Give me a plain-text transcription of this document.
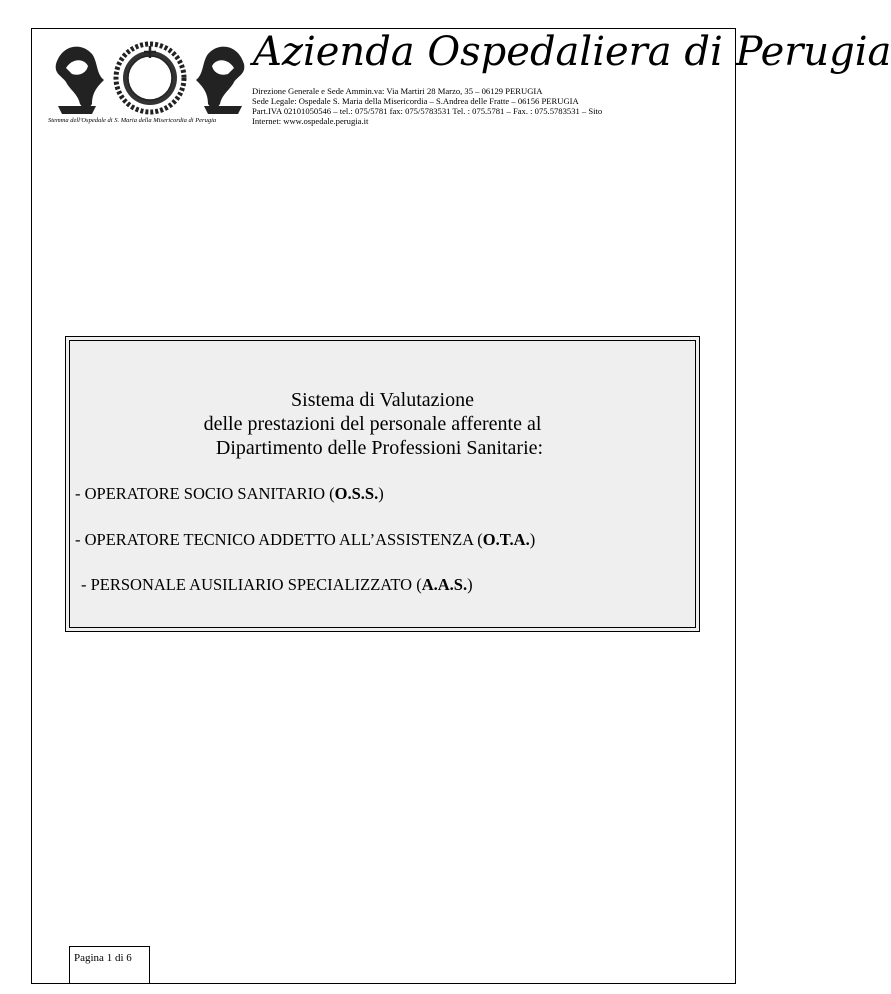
Stemma dell'Ospedale di S. Maria della Misericordia di Perugia
Azienda Ospedaliera di Perugia
Direzione Generale e Sede Ammin.va: Via Martiri 28 Marzo, 35 – 06129 PERUGIA
Sede Legale: Ospedale S. Maria della Misericordia – S.Andrea delle Fratte – 06156 PERUGIA
Part.IVA 02101050546 – tel.: 075/5781 fax: 075/5783531 Tel. : 075.5781 – Fax. : 075.5783531 – Sito
Internet: www.ospedale.perugia.it
Sistema di Valutazione
delle prestazioni del personale afferente al
Dipartimento delle Professioni Sanitarie:
- OPERATORE SOCIO SANITARIO (O.S.S.)
- OPERATORE TECNICO ADDETTO ALL’ASSISTENZA (O.T.A.)
- PERSONALE AUSILIARIO SPECIALIZZATO (A.A.S.)
Pagina 1 di 6
